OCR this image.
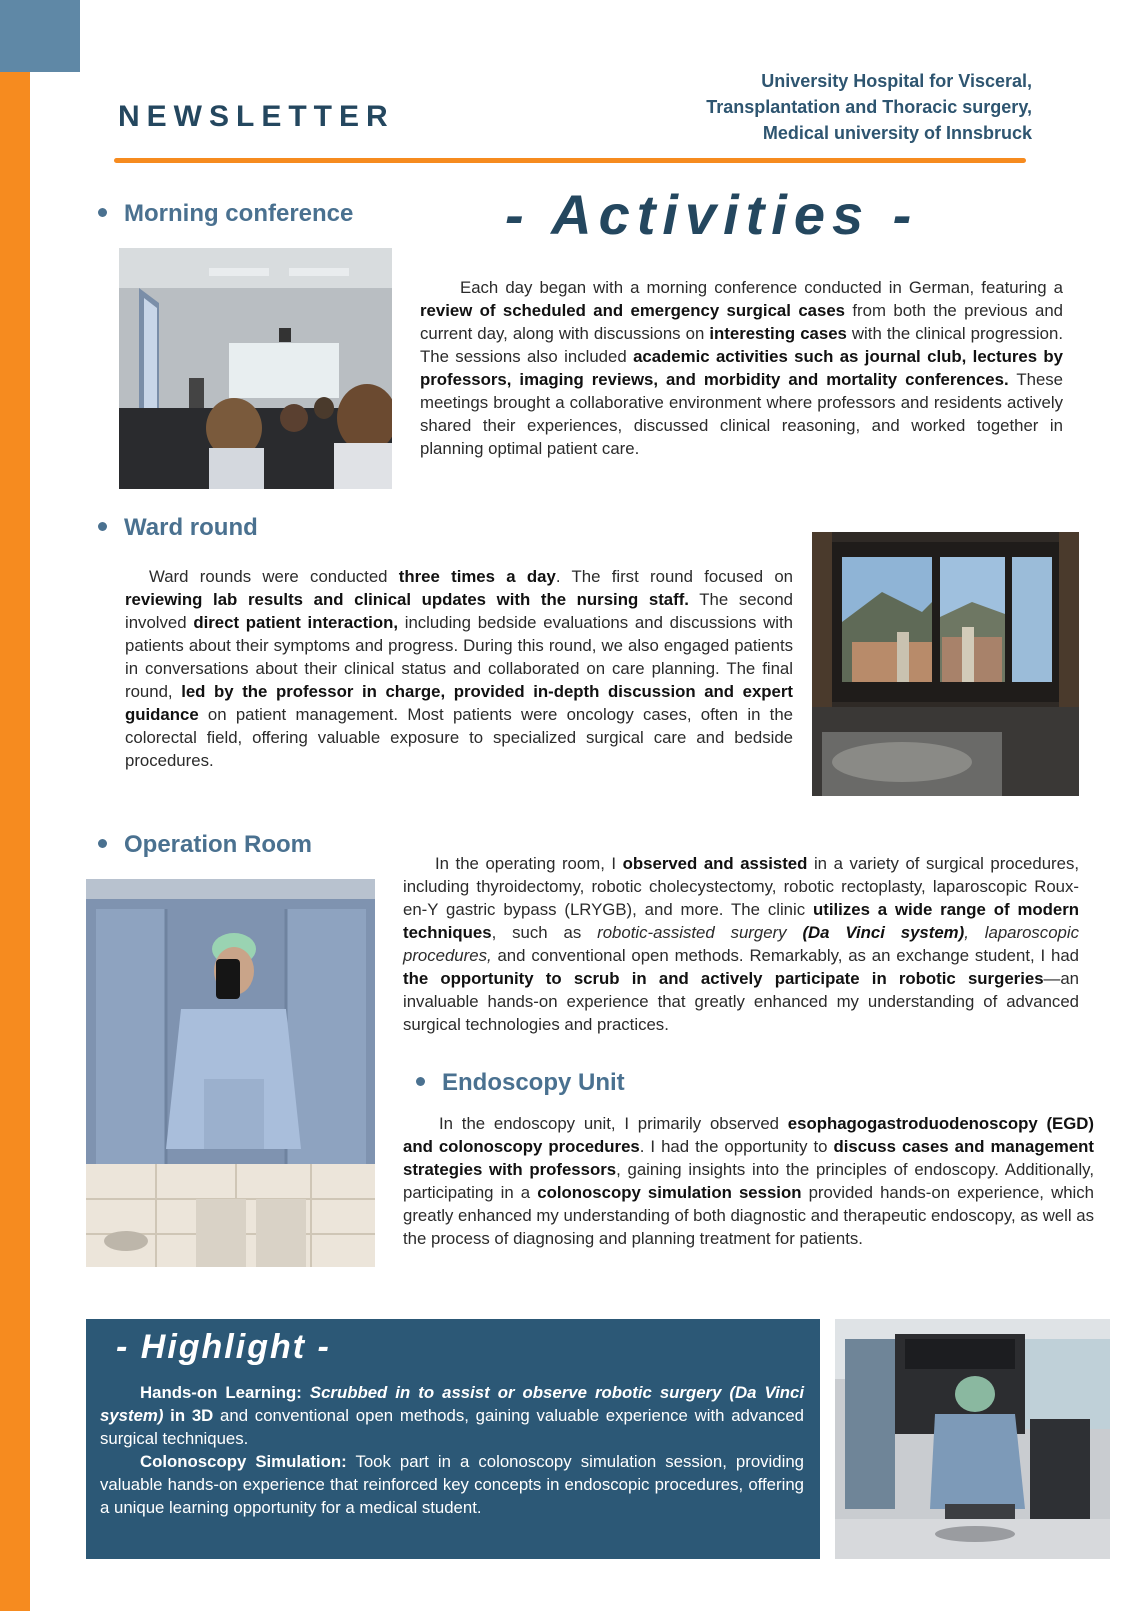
NEWSLETTER
University Hospital for Visceral,
Transplantation and Thoracic surgery,
Medical university of Innsbruck
- Activities -
Morning conference
Each day began with a morning conference conducted in German, featuring a review of scheduled and emergency surgical cases from both the previous and current day, along with discussions on interesting cases with the clinical progression. The sessions also included academic activities such as journal club, lectures by professors, imaging reviews, and morbidity and mortality conferences. These meetings brought a collaborative environment where professors and residents actively shared their experiences, discussed clinical reasoning, and worked together in planning optimal patient care.
Ward round
Ward rounds were conducted three times a day. The first round focused on reviewing lab results and clinical updates with the nursing staff. The second involved direct patient interaction, including bedside evaluations and discussions with patients about their symptoms and progress. During this round, we also engaged patients in conversations about their clinical status and collaborated on care planning. The final round, led by the professor in charge, provided in-depth discussion and expert guidance on patient management. Most patients were oncology cases, often in the colorectal field, offering valuable exposure to specialized surgical care and bedside procedures.
Operation Room
In the operating room, I observed and assisted in a variety of surgical procedures, including thyroidectomy, robotic cholecystectomy, robotic rectoplasty, laparoscopic Roux-en-Y gastric bypass (LRYGB), and more. The clinic utilizes a wide range of modern techniques, such as robotic-assisted surgery (Da Vinci system), laparoscopic procedures, and conventional open methods. Remarkably, as an exchange student, I had the opportunity to scrub in and actively participate in robotic surgeries—an invaluable hands-on experience that greatly enhanced my understanding of advanced surgical technologies and practices.
Endoscopy Unit
In the endoscopy unit, I primarily observed esophagogastroduodenoscopy (EGD) and colonoscopy procedures. I had the opportunity to discuss cases and management strategies with professors, gaining insights into the principles of endoscopy. Additionally, participating in a colonoscopy simulation session provided hands-on experience, which greatly enhanced my understanding of both diagnostic and therapeutic endoscopy, as well as the process of diagnosing and planning treatment for patients.
- Highlight -
Hands-on Learning: Scrubbed in to assist or observe robotic surgery (Da Vinci system) in 3D and conventional open methods, gaining valuable experience with advanced surgical techniques.
Colonoscopy Simulation: Took part in a colonoscopy simulation session, providing valuable hands-on experience that reinforced key concepts in endoscopic procedures, offering a unique learning opportunity for a medical student.
